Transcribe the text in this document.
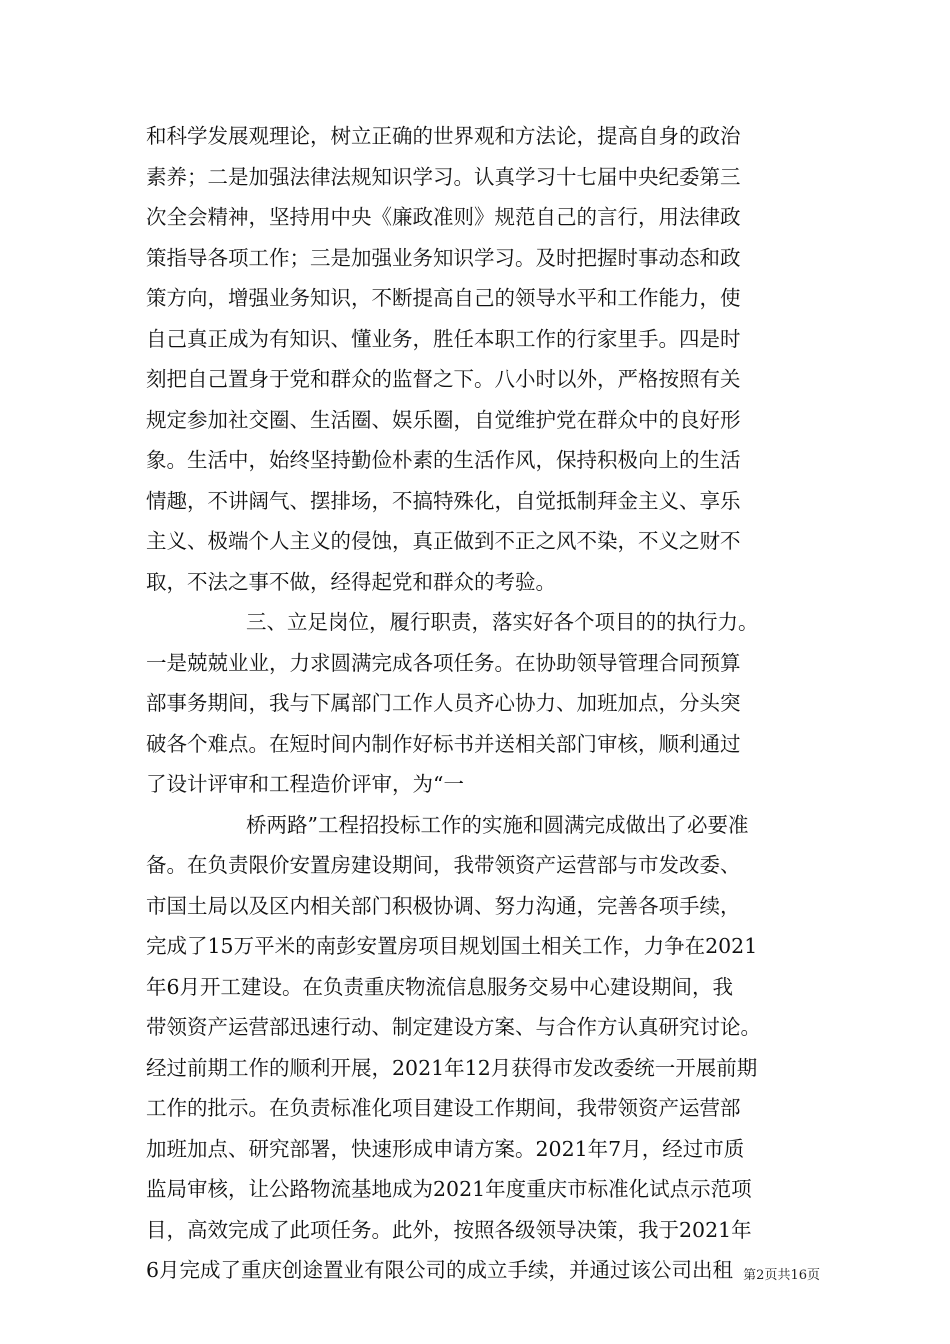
和科学发展观理论，树立正确的世界观和方法论，提高自身的政治
素养；二是加强法律法规知识学习。认真学习十七届中央纪委第三
次全会精神，坚持用中央《廉政准则》规范自己的言行，用法律政
策指导各项工作；三是加强业务知识学习。及时把握时事动态和政
策方向，增强业务知识，不断提高自己的领导水平和工作能力，使
自己真正成为有知识、懂业务，胜任本职工作的行家里手。四是时
刻把自己置身于党和群众的监督之下。八小时以外，严格按照有关
规定参加社交圈、生活圈、娱乐圈，自觉维护党在群众中的良好形
象。生活中，始终坚持勤俭朴素的生活作风，保持积极向上的生活
情趣，不讲阔气、摆排场，不搞特殊化，自觉抵制拜金主义、享乐
主义、极端个人主义的侵蚀，真正做到不正之风不染，不义之财不
取，不法之事不做，经得起党和群众的考验。
三、立足岗位，履行职责，落实好各个项目的的执行力。
一是兢兢业业，力求圆满完成各项任务。在协助领导管理合同预算
部事务期间，我与下属部门工作人员齐心协力、加班加点，分头突
破各个难点。在短时间内制作好标书并送相关部门审核，顺利通过
了设计评审和工程造价评审，为“一
桥两路”工程招投标工作的实施和圆满完成做出了必要准
备。在负责限价安置房建设期间，我带领资产运营部与市发改委、
市国土局以及区内相关部门积极协调、努力沟通，完善各项手续，
完成了15万平米的南彭安置房项目规划国土相关工作，力争在2021
年6月开工建设。在负责重庆物流信息服务交易中心建设期间，我
带领资产运营部迅速行动、制定建设方案、与合作方认真研究讨论。
经过前期工作的顺利开展，2021年12月获得市发改委统一开展前期
工作的批示。在负责标准化项目建设工作期间，我带领资产运营部
加班加点、研究部署，快速形成申请方案。2021年7月，经过市质
监局审核，让公路物流基地成为2021年度重庆市标准化试点示范项
目，高效完成了此项任务。此外，按照各级领导决策，我于2021年
6月完成了重庆创途置业有限公司的成立手续，并通过该公司出租 第2页共16页
